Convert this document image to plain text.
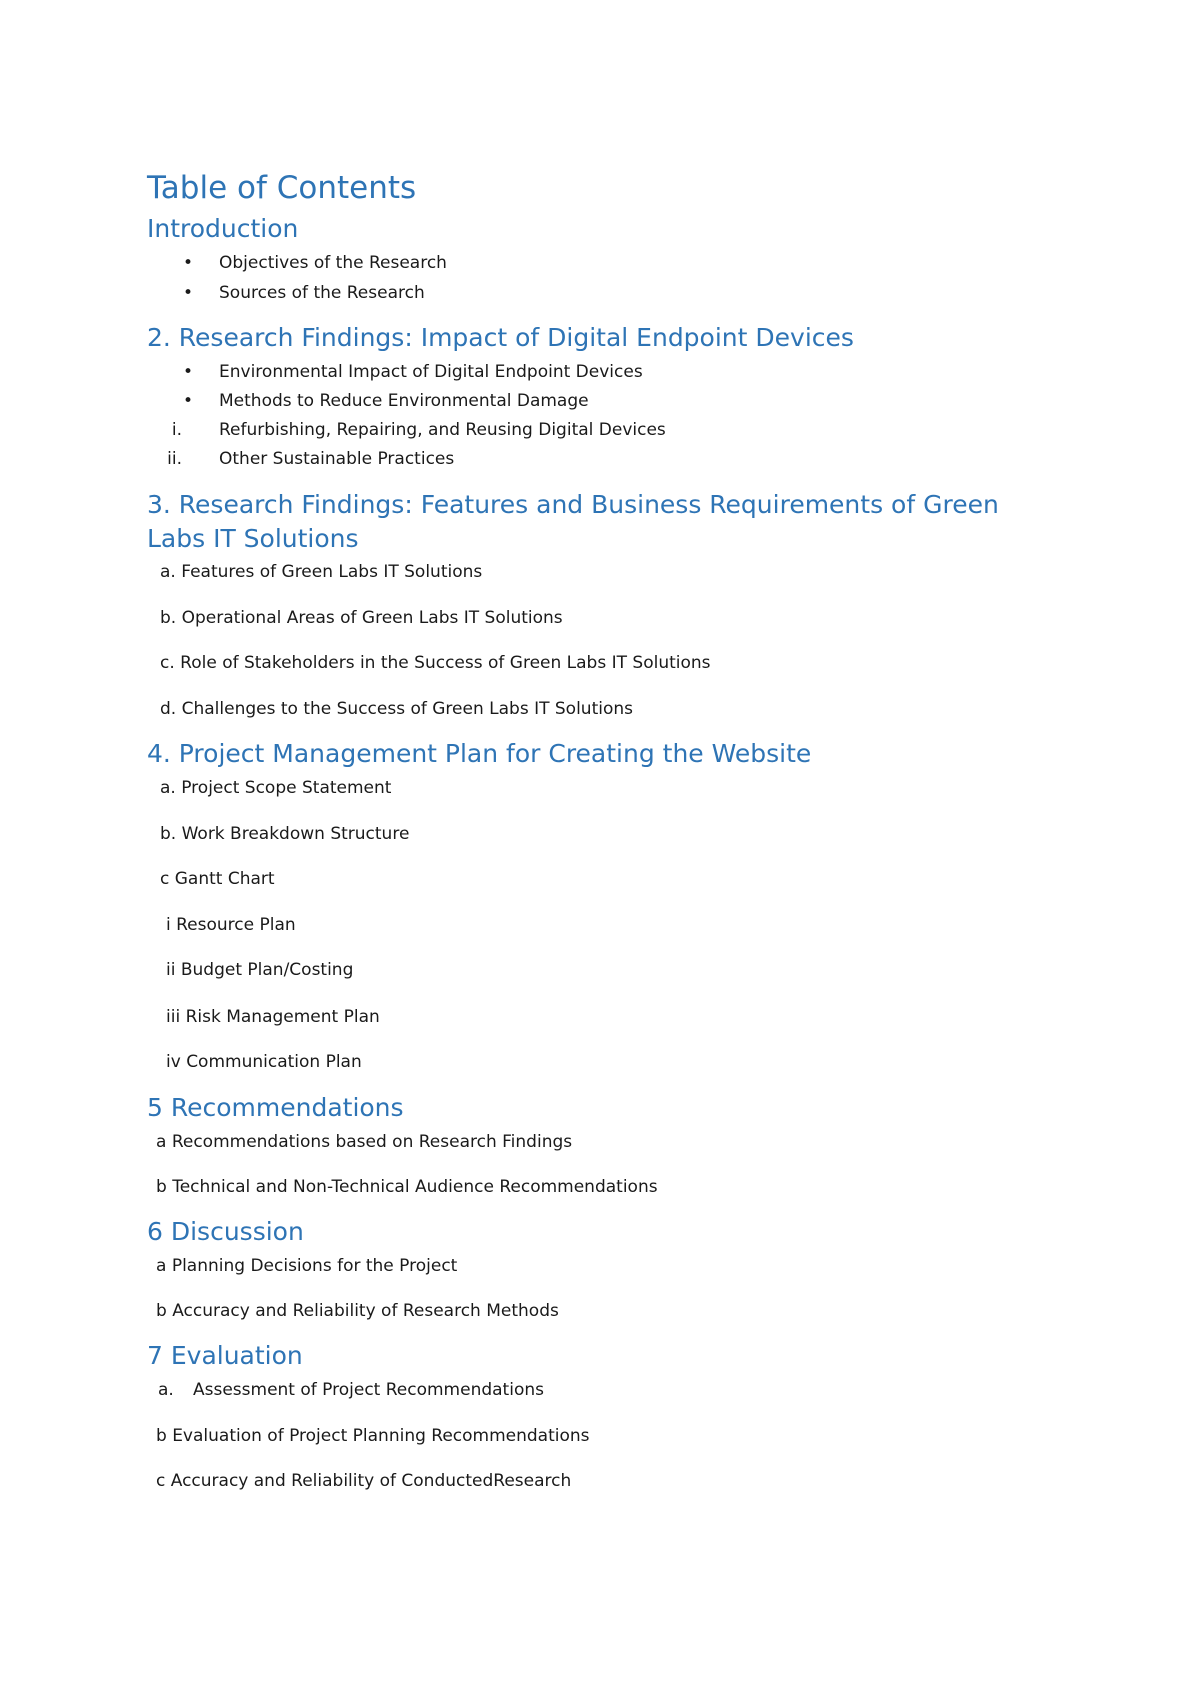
Table of Contents
Introduction
• Objectives of the Research
• Sources of the Research
2. Research Findings: Impact of Digital Endpoint Devices
• Environmental Impact of Digital Endpoint Devices
• Methods to Reduce Environmental Damage
i. Refurbishing, Repairing, and Reusing Digital Devices
ii. Other Sustainable Practices
3. Research Findings: Features and Business Requirements of Green
Labs IT Solutions
a. Features of Green Labs IT Solutions
b. Operational Areas of Green Labs IT Solutions
c. Role of Stakeholders in the Success of Green Labs IT Solutions
d. Challenges to the Success of Green Labs IT Solutions
4. Project Management Plan for Creating the Website
a. Project Scope Statement
b. Work Breakdown Structure
c Gantt Chart
i Resource Plan
ii Budget Plan/Costing
iii Risk Management Plan
iv Communication Plan
5 Recommendations
a Recommendations based on Research Findings
b Technical and Non-Technical Audience Recommendations
6 Discussion
a Planning Decisions for the Project
b Accuracy and Reliability of Research Methods
7 Evaluation
a. Assessment of Project Recommendations
b Evaluation of Project Planning Recommendations
c Accuracy and Reliability of ConductedResearch
